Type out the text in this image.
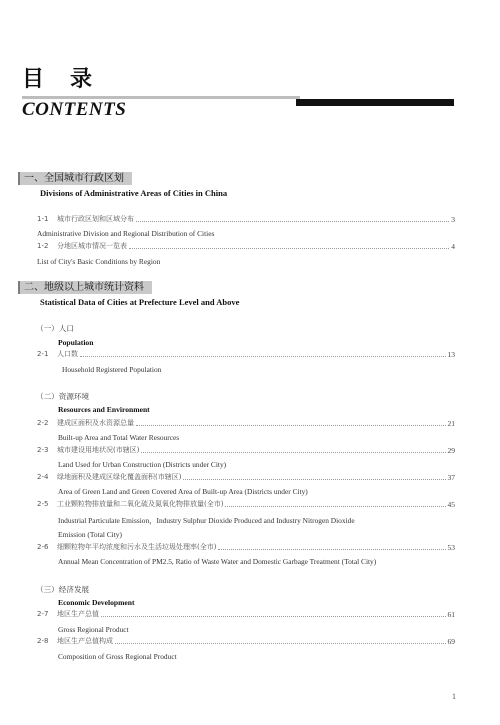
目录
CONTENTS
一、全国城市行政区划
Divisions of Administrative Areas of Cities in China
1-1	城市行政区划和区域分布	3
Administrative Division and Regional Distribution of Cities
1-2	分地区城市情况一览表	4
List of City's Basic Conditions by Region
二、地级以上城市统计资料
Statistical Data of Cities at Prefecture Level and Above
（一）人口
Population
2-1	人口数	13
Household Registered Population
（二）资源环境
Resources and Environment
2-2	建成区面积及水资源总量	21
Built-up Area and Total Water Resources
2-3	城市建设用地状况(市辖区)	29
Land Used for Urban Construction (Districts under City)
2-4	绿地面积及建成区绿化覆盖面积(市辖区)	37
Area of Green Land and Green Covered Area of Built-up Area (Districts under City)
2-5	工业颗粒物排放量和二氧化硫及氮氧化物排放量(全市)	45
Industrial Particulate Emission，Industry Sulphur Dioxide Produced and Industry Nitrogen Dioxide
Emission (Total City)
2-6	细颗粒物年平均浓度和污水及生活垃圾处理率(全市)	53
Annual Mean Concentration of PM2.5, Ratio of Waste Water and Domestic Garbage Treatment (Total City)
（三）经济发展
Economic Development
2-7	地区生产总值	61
Gross Regional Product
2-8	地区生产总值构成	69
Composition of Gross Regional Product
1
